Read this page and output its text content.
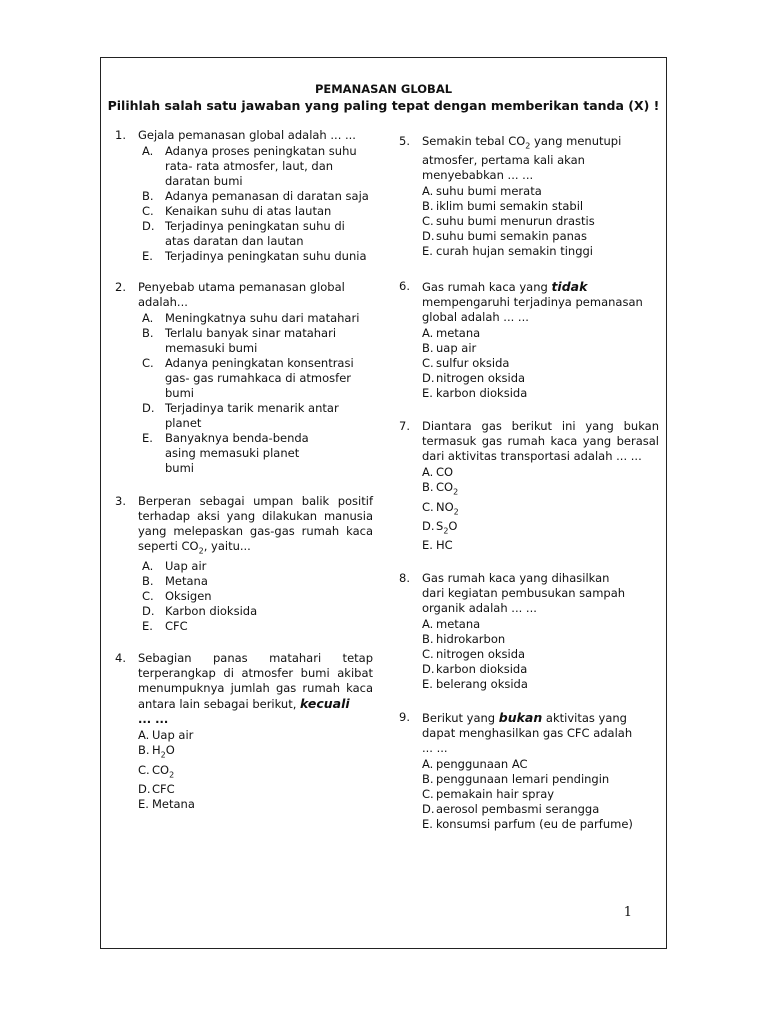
PEMANASAN GLOBAL
Pilihlah salah satu jawaban yang paling tepat dengan memberikan tanda (X) !
1. Gejala pemanasan global adalah ... ...
A. Adanya proses peningkatan suhu rata- rata atmosfer, laut, dan daratan bumi
B. Adanya pemanasan di daratan saja
C. Kenaikan suhu di atas lautan
D. Terjadinya peningkatan suhu di atas daratan dan lautan
E. Terjadinya peningkatan suhu dunia
2. Penyebab utama pemanasan global adalah...
A. Meningkatnya suhu dari matahari
B. Terlalu banyak sinar matahari memasuki bumi
C. Adanya peningkatan konsentrasi gas- gas rumahkaca di atmosfer bumi
D. Terjadinya tarik menarik antar planet
E. Banyaknya benda-benda asing memasuki planet bumi
3. Berperan sebagai umpan balik positif terhadap aksi yang dilakukan manusia yang melepaskan gas-gas rumah kaca seperti $CO_2$, yaitu...
A. Uap air
B. Metana
C. Oksigen
D. Karbon dioksida
E. CFC
4. Sebagian panas matahari tetap terperangkap di atmosfer bumi akibat menumpuknya jumlah gas rumah kaca antara lain sebagai berikut, kecuali
... ...
A. Uap air
B. $H_2O$
C. $CO_2$
D. CFC
E. Metana
5. Semakin tebal $CO_2$ yang menutupi atmosfer, pertama kali akan menyebabkan ... ...
A. suhu bumi merata
B. iklim bumi semakin stabil
C. suhu bumi menurun drastis
D. suhu bumi semakin panas
E. curah hujan semakin tinggi
6. Gas rumah kaca yang tidak
mempengaruhi terjadinya pemanasan global adalah ... ...
A. metana
B. uap air
C. sulfur oksida
D. nitrogen oksida
E. karbon dioksida
7. Diantara gas berikut ini yang bukan termasuk gas rumah kaca yang berasal dari aktivitas transportasi adalah ... ...
A. CO
B. $CO_2$
C. $NO_2$
D. $S_2O$
E. HC
8. Gas rumah kaca yang dihasilkan dari kegiatan pembusukan sampah organik adalah ... ...
A. metana
B. hidrokarbon
C. nitrogen oksida
D. karbon dioksida
E. belerang oksida
9. Berikut yang bukan aktivitas yang dapat menghasilkan gas CFC adalah ... ...
A. penggunaan AC
B. penggunaan lemari pendingin
C. pemakain hair spray
D. aerosol pembasmi serangga
E. konsumsi parfum (eu de parfume)
1
